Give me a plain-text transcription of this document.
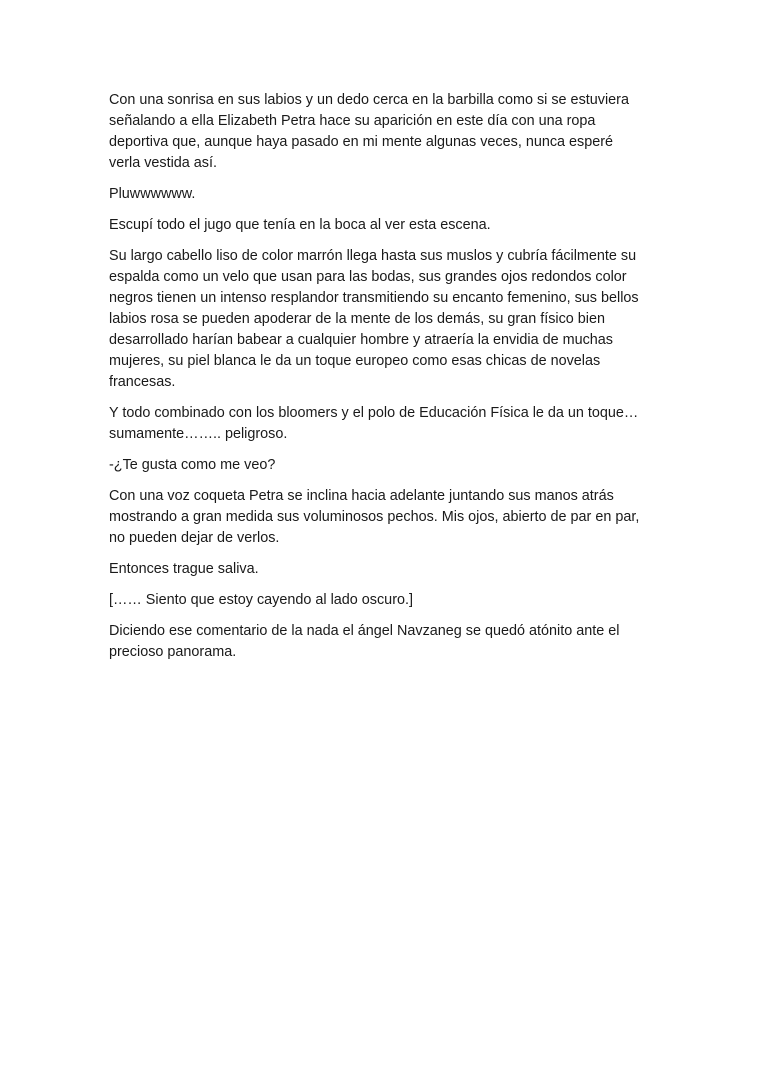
Con una sonrisa en sus labios y un dedo cerca en la barbilla como si se estuviera señalando a ella Elizabeth Petra hace su aparición en este día con una ropa deportiva que, aunque haya pasado en mi mente algunas veces, nunca esperé verla vestida así.

Pluwwwwww.

Escupí todo el jugo que tenía en la boca al ver esta escena.

Su largo cabello liso de color marrón llega hasta sus muslos y cubría fácilmente su espalda como un velo que usan para las bodas, sus grandes ojos redondos color negros tienen un intenso resplandor transmitiendo su encanto femenino, sus bellos labios rosa se pueden apoderar de la mente de los demás, su gran físico bien desarrollado harían babear a cualquier hombre y atraería la envidia de muchas mujeres, su piel blanca le da un toque europeo como esas chicas de novelas francesas.

Y todo combinado con los bloomers y el polo de Educación Física le da un toque… sumamente…….. peligroso.

-¿Te gusta como me veo?

Con una voz coqueta Petra se inclina hacia adelante juntando sus manos atrás mostrando a gran medida sus voluminosos pechos. Mis ojos, abierto de par en par, no pueden dejar de verlos.

Entonces trague saliva.

[…… Siento que estoy cayendo al lado oscuro.]

Diciendo ese comentario de la nada el ángel Navzaneg se quedó atónito ante el precioso panorama.
